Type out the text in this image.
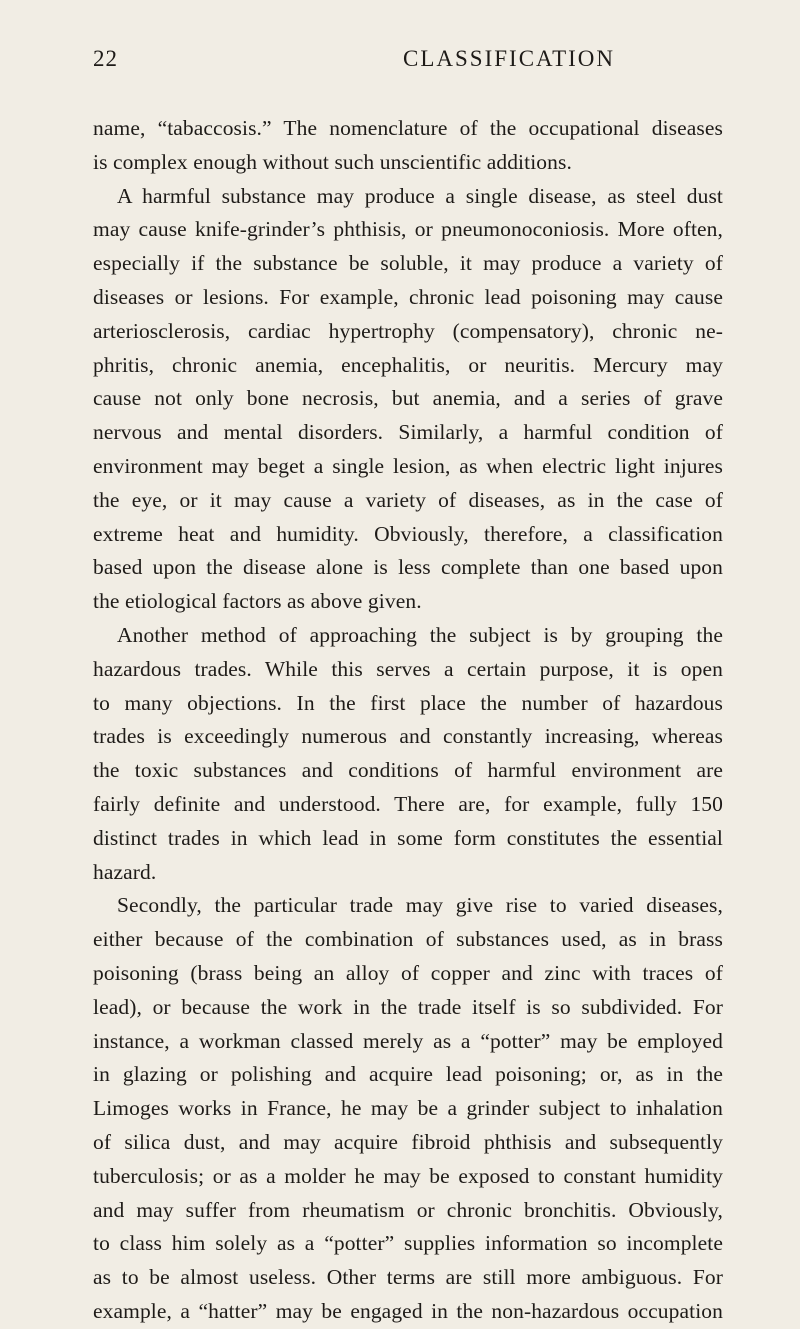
22	CLASSIFICATION
name, “tabaccosis.” The nomenclature of the occupational diseases
is complex enough without such unscientific additions.
A harmful substance may produce a single disease, as steel dust
may cause knife-grinder’s phthisis, or pneumonoconiosis. More often,
especially if the substance be soluble, it may produce a variety of
diseases or lesions. For example, chronic lead poisoning may cause
arteriosclerosis, cardiac hypertrophy (compensatory), chronic ne-
phritis, chronic anemia, encephalitis, or neuritis. Mercury may
cause not only bone necrosis, but anemia, and a series of grave
nervous and mental disorders. Similarly, a harmful condition of
environment may beget a single lesion, as when electric light injures
the eye, or it may cause a variety of diseases, as in the case of
extreme heat and humidity. Obviously, therefore, a classification
based upon the disease alone is less complete than one based upon
the etiological factors as above given.
Another method of approaching the subject is by grouping the
hazardous trades. While this serves a certain purpose, it is open
to many objections. In the first place the number of hazardous
trades is exceedingly numerous and constantly increasing, whereas
the toxic substances and conditions of harmful environment are
fairly definite and understood. There are, for example, fully 150
distinct trades in which lead in some form constitutes the essential
hazard.
Secondly, the particular trade may give rise to varied diseases,
either because of the combination of substances used, as in brass
poisoning (brass being an alloy of copper and zinc with traces of
lead), or because the work in the trade itself is so subdivided. For
instance, a workman classed merely as a “potter” may be employed
in glazing or polishing and acquire lead poisoning; or, as in the
Limoges works in France, he may be a grinder subject to inhalation
of silica dust, and may acquire fibroid phthisis and subsequently
tuberculosis; or as a molder he may be exposed to constant humidity
and may suffer from rheumatism or chronic bronchitis. Obviously,
to class him solely as a “potter” supplies information so incomplete
as to be almost useless. Other terms are still more ambiguous. For
example, a “hatter” may be engaged in the non-hazardous occupation
